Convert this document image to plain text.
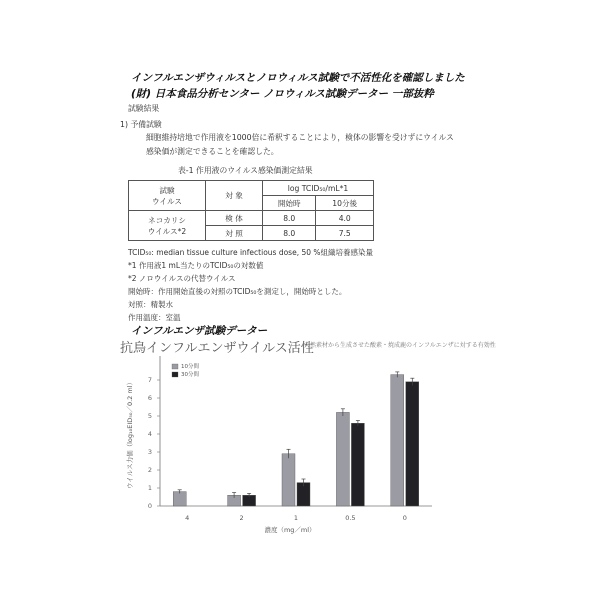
インフルエンザウィルスとノロウィルス試験で不活性化を確認しました
(財) 日本食品分析センター ノロウィルス試験データー 一部抜粋
試験結果
1) 予備試験
細胞維持培地で作用液を1000倍に希釈することにより，検体の影響を受けずにウイルス
感染価が測定できることを確認した。
表-1 作用液のウイルス感染価測定結果
試験
ウイルス	対 象	log TCID₅₀/mL*1	
		開始時	10分後
ネコカリシ
ウイルス*2	検 体	8.0	4.0
	対 照	8.0	7.5
TCID₅₀: median tissue culture infectious dose, 50 %組織培養感染量
*1 作用液1 mL当たりのTCID₅₀の対数値
*2 ノロウイルスの代替ウイルス
開始時：作用開始直後の対照のTCID₅₀を測定し，開始時とした。
対照：精製水
作用温度：室温
インフルエンザ試験データー
抗鳥インフルエンザウイルス活性
天然素材から生成させた酸素・焼成鹿のインフルエンザに対する有効性
0
1
2
3
4
5
6
7
ウイルス力価（log₁₀EID₅₀／0.2 ml）
4	2	1	0.5	0
濃度（mg／ml）
10分間
30分間
